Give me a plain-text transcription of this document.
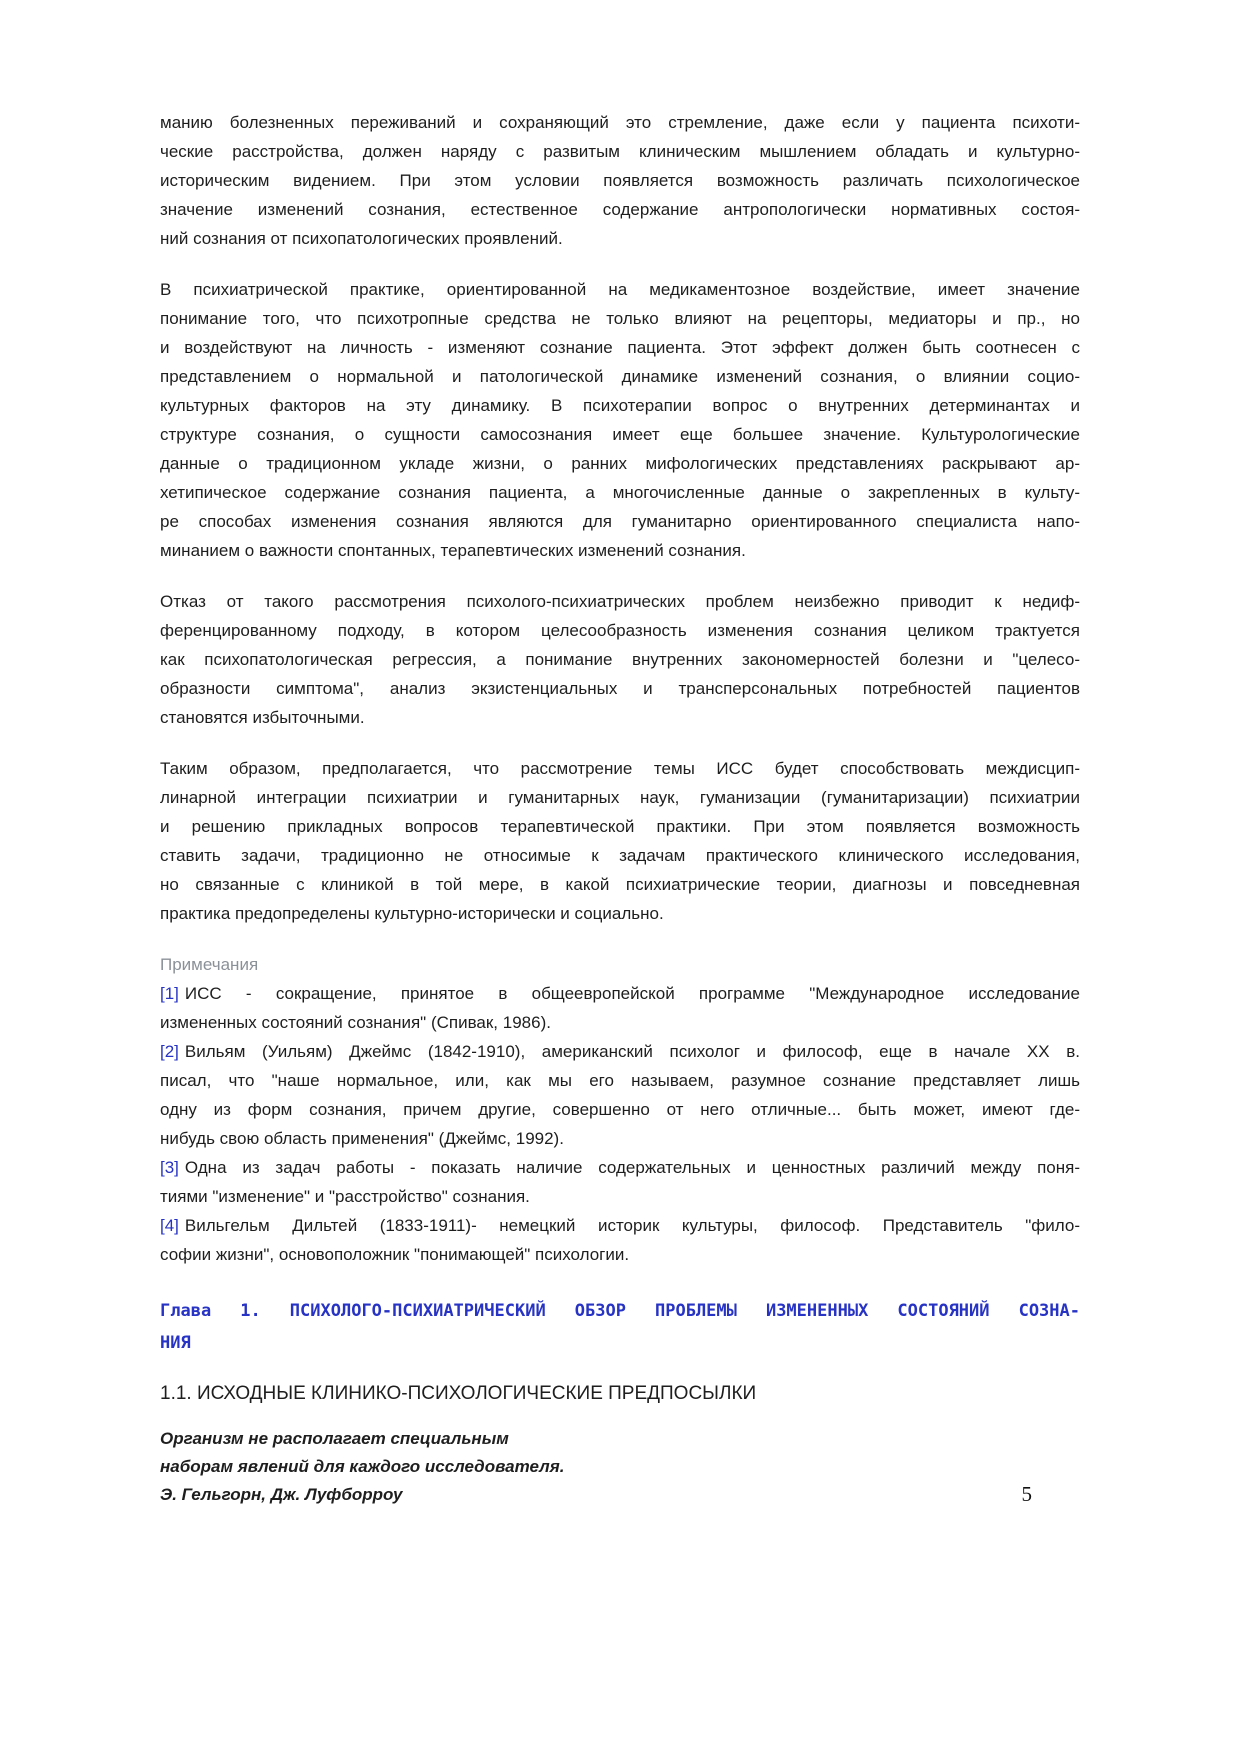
манию болезненных переживаний и сохраняющий это стремление, даже если у пациента психоти-
ческие расстройства, должен наряду с развитым клиническим мышлением обладать и культурно-
историческим видением. При этом условии появляется возможность различать психологическое
значение изменений сознания, естественное содержание антропологически нормативных состоя-
ний сознания от психопатологических проявлений.
В психиатрической практике, ориентированной на медикаментозное воздействие, имеет значение
понимание того, что психотропные средства не только влияют на рецепторы, медиаторы и пр., но
и воздействуют на личность - изменяют сознание пациента. Этот эффект должен быть соотнесен с
представлением о нормальной и патологической динамике изменений сознания, о влиянии социо-
культурных факторов на эту динамику. В психотерапии вопрос о внутренних детерминантах и
структуре сознания, о сущности самосознания имеет еще большее значение. Культурологические
данные о традиционном укладе жизни, о ранних мифологических представлениях раскрывают ар-
хетипическое содержание сознания пациента, а многочисленные данные о закрепленных в культу-
ре способах изменения сознания являются для гуманитарно ориентированного специалиста напо-
минанием о важности спонтанных, терапевтических изменений сознания.
Отказ от такого рассмотрения психолого-психиатрических проблем неизбежно приводит к недиф-
ференцированному подходу, в котором целесообразность изменения сознания целиком трактуется
как психопатологическая регрессия, а понимание внутренних закономерностей болезни и "целесо-
образности симптома", анализ экзистенциальных и трансперсональных потребностей пациентов
становятся избыточными.
Таким образом, предполагается, что рассмотрение темы ИСС будет способствовать междисцип-
линарной интеграции психиатрии и гуманитарных наук, гуманизации (гуманитаризации) психиатрии
и решению прикладных вопросов терапевтической практики. При этом появляется возможность
ставить задачи, традиционно не относимые к задачам практического клинического исследования,
но связанные с клиникой в той мере, в какой психиатрические теории, диагнозы и повседневная
практика предопределены культурно-исторически и социально.
Примечания
[1] ИСС - сокращение, принятое в общеевропейской программе "Международное исследование
измененных состояний сознания" (Спивак, 1986).
[2] Вильям (Уильям) Джеймс (1842-1910), американский психолог и философ, еще в начале XX в.
писал, что "наше нормальное, или, как мы его называем, разумное сознание представляет лишь
одну из форм сознания, причем другие, совершенно от него отличные... быть может, имеют где-
нибудь свою область применения" (Джеймс, 1992).
[3] Одна из задач работы - показать наличие содержательных и ценностных различий между поня-
тиями "изменение" и "расстройство" сознания.
[4] Вильгельм Дильтей (1833-1911)- немецкий историк культуры, философ. Представитель "фило-
софии жизни", основоположник "понимающей" психологии.
Глава 1. ПСИХОЛОГО-ПСИХИАТРИЧЕСКИЙ ОБЗОР ПРОБЛЕМЫ ИЗМЕНЕННЫХ СОСТОЯНИЙ СОЗНА-
НИЯ
1.1. ИСХОДНЫЕ КЛИНИКО-ПСИХОЛОГИЧЕСКИЕ ПРЕДПОСЫЛКИ
Организм не располагает специальным
наборам явлений для каждого исследователя.
Э. Гельгорн, Дж. Луфборроу	5
